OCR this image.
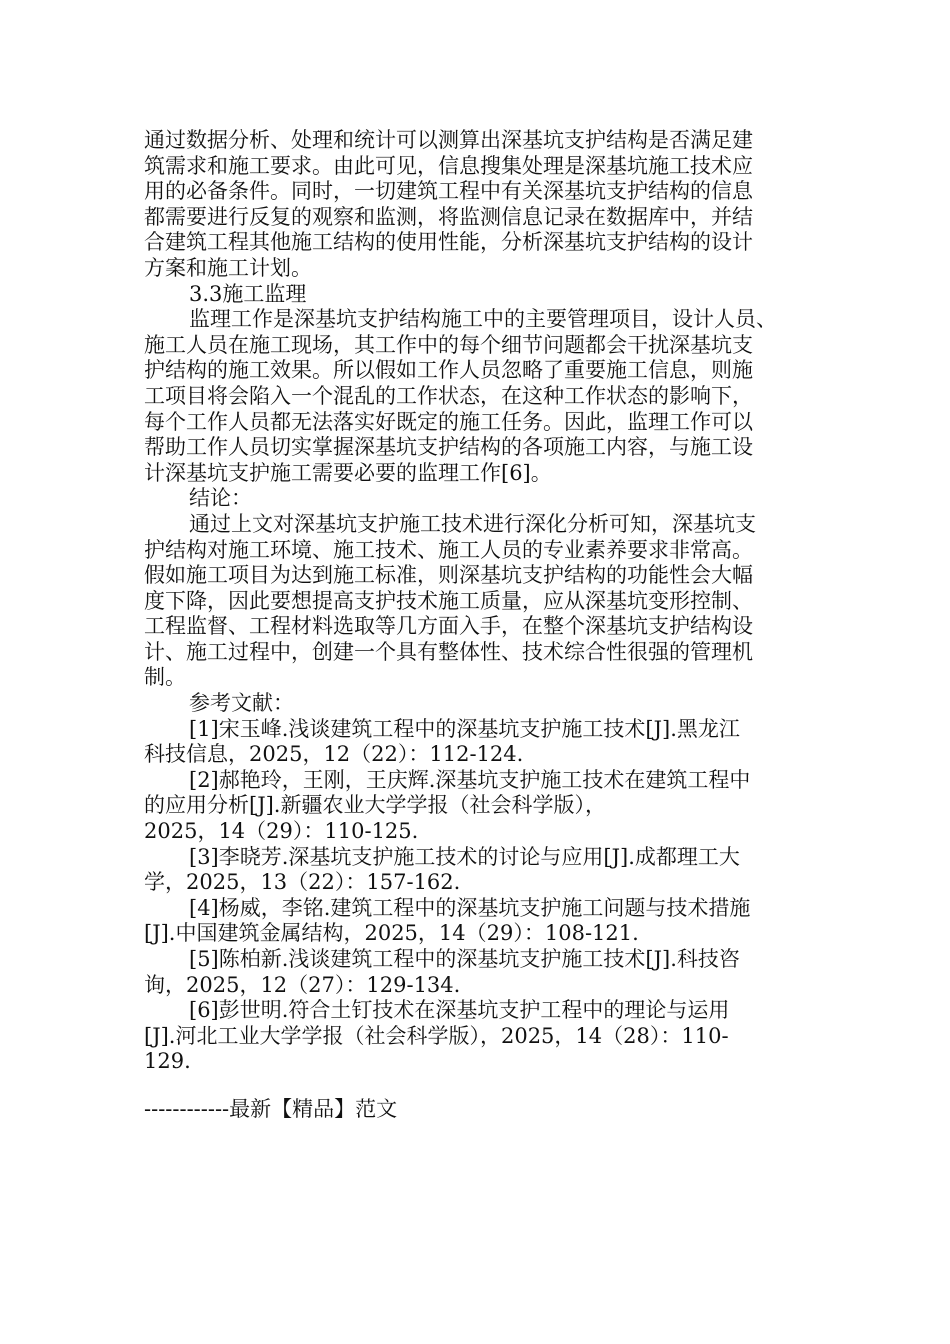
通过数据分析、处理和统计可以测算出深基坑支护结构是否满足建
筑需求和施工要求。由此可见，信息搜集处理是深基坑施工技术应
用的必备条件。同时，一切建筑工程中有关深基坑支护结构的信息
都需要进行反复的观察和监测，将监测信息记录在数据库中，并结
合建筑工程其他施工结构的使用性能，分析深基坑支护结构的设计
方案和施工计划。

3.3施工监理

监理工作是深基坑支护结构施工中的主要管理项目，设计人员、
施工人员在施工现场，其工作中的每个细节问题都会干扰深基坑支
护结构的施工效果。所以假如工作人员忽略了重要施工信息，则施
工项目将会陷入一个混乱的工作状态，在这种工作状态的影响下，
每个工作人员都无法落实好既定的施工任务。因此，监理工作可以
帮助工作人员切实掌握深基坑支护结构的各项施工内容，与施工设
计深基坑支护施工需要必要的监理工作[6]。

结论：

通过上文对深基坑支护施工技术进行深化分析可知，深基坑支
护结构对施工环境、施工技术、施工人员的专业素养要求非常高。
假如施工项目为达到施工标准，则深基坑支护结构的功能性会大幅
度下降，因此要想提高支护技术施工质量，应从深基坑变形控制、
工程监督、工程材料选取等几方面入手，在整个深基坑支护结构设
计、施工过程中，创建一个具有整体性、技术综合性很强的管理机
制。

参考文献：

[1]宋玉峰.浅谈建筑工程中的深基坑支护施工技术[J].黑龙江
科技信息，2025，12（22）：112-124.

[2]郝艳玲，王刚，王庆辉.深基坑支护施工技术在建筑工程中
的应用分析[J].新疆农业大学学报（社会科学版），
2025，14（29）：110-125.

[3]李晓芳.深基坑支护施工技术的讨论与应用[J].成都理工大
学，2025，13（22）：157-162.

[4]杨威，李铭.建筑工程中的深基坑支护施工问题与技术措施
[J].中国建筑金属结构，2025，14（29）：108-121.

[5]陈柏新.浅谈建筑工程中的深基坑支护施工技术[J].科技咨
询，2025，12（27）：129-134.

[6]彭世明.符合土钉技术在深基坑支护工程中的理论与运用
[J].河北工业大学学报（社会科学版），2025，14（28）：110-
129.

------------最新【精品】范文
